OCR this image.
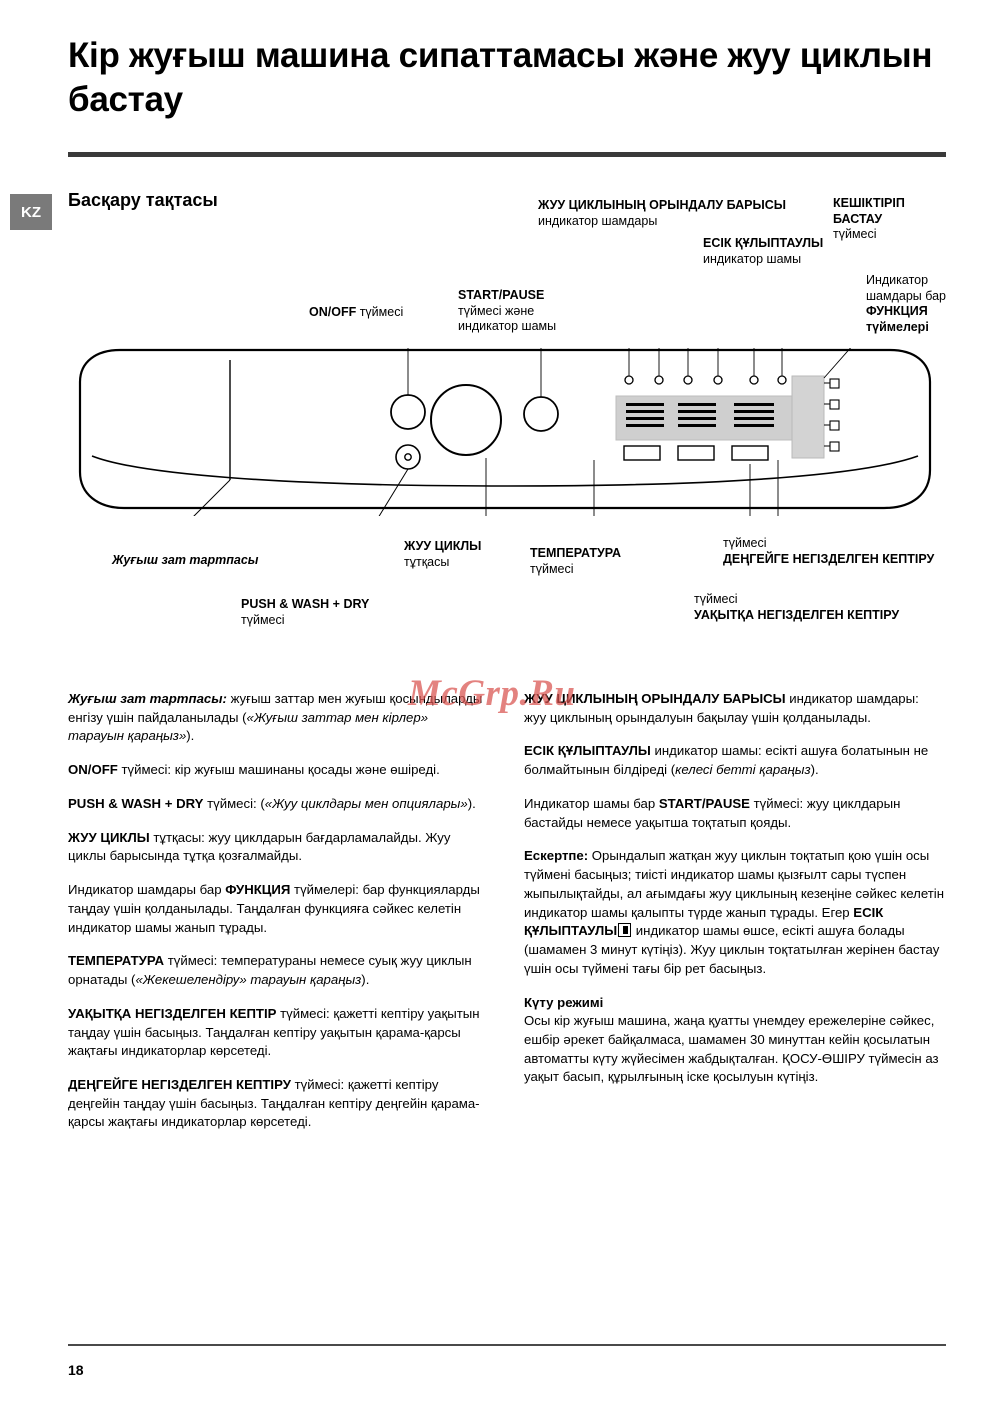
Кір жуғыш машина сипаттамасы және жуу циклын бастау
KZ
Басқару тақтасы	ЖУУ ЦИКЛЫНЫҢ ОРЫНДАЛУ БАРЫСЫ индикатор шамдары
КЕШІКТІРІП БАСТАУ
түймесі
ЕСІК ҚҰЛЫПТАУЛЫ
индикатор шамы
Индикатор шамдары бар ФУНКЦИЯ түймелері
START/PAUSE
түймесі және индикатор шамы
ON/OFF түймесі
Жуғыш зат тартпасы
ЖУУ ЦИКЛЫ
тұтқасы
ТЕМПЕРАТУРА
түймесі
түймесі
ДЕҢГЕЙГЕ НЕГІЗДЕЛГЕН КЕПТІРУ
PUSH & WASH + DRY
түймесі
түймесі
УАҚЫТҚА НЕГІЗДЕЛГЕН КЕПТІРУ

Жуғыш зат тартпасы: жуғыш заттар мен жуғыш қосындыларды енгізу үшін пайдаланылады («Жуғыш заттар мен кірлер» тарауын қараңыз»).

ON/OFF түймесі: кір жуғыш машинаны қосады және өшіреді.

PUSH & WASH + DRY түймесі: («Жуу циклдары мен опциялары»).

ЖУУ ЦИКЛЫ тұтқасы: жуу циклдарын бағдарламалайды. Жуу циклы барысында тұтқа қозғалмайды.

Индикатор шамдары бар ФУНКЦИЯ түймелері: бар функцияларды таңдау үшін қолданылады. Таңдалған функцияға сәйкес келетін индикатор шамы жанып тұрады.

ТЕМПЕРАТУРА түймесі: температураны немесе суық жуу циклын орнатады («Жекешелендіру» тарауын қараңыз).

УАҚЫТҚА НЕГІЗДЕЛГЕН КЕПТІР түймесі: қажетті кептіру уақытын таңдау үшін басыңыз. Таңдалған кептіру уақытын қарама-қарсы жақтағы индикаторлар көрсетеді.

ДЕҢГЕЙГЕ НЕГІЗДЕЛГЕН КЕПТІРУ түймесі: қажетті кептіру деңгейін таңдау үшін басыңыз. Таңдалған кептіру деңгейін қарама-қарсы жақтағы индикаторлар көрсетеді.

ЖУУ ЦИКЛЫНЫҢ ОРЫНДАЛУ БАРЫСЫ индикатор шамдары: жуу циклының орындалуын бақылау үшін қолданылады.

ЕСІК ҚҰЛЫПТАУЛЫ индикатор шамы: есікті ашуға болатынын не болмайтынын білдіреді (келесі бетті қараңыз).

Индикатор шамы бар START/PAUSE түймесі: жуу циклдарын бастайды немесе уақытша тоқтатып қояды.

Ескертпе: Орындалып жатқан жуу циклын тоқтатып қою үшін осы түймені басыңыз; тиісті индикатор шамы қызғылт сары түспен жыпылықтайды, ал ағымдағы жуу циклының кезеңіне сәйкес келетін индикатор шамы қалыпты түрде жанып тұрады. Егер ЕСІК ҚҰЛЫПТАУЛЫ индикатор шамы өшсе, есікті ашуға болады (шамамен 3 минут күтіңіз). Жуу циклын тоқтатылған жерінен бастау үшін осы түймені тағы бір рет басыңыз.

Күту режимі
Осы кір жуғыш машина, жаңа қуатты үнемдеу ережелеріне сәйкес, ешбір әрекет байқалмаса, шамамен 30 минуттан кейін қосылатын автоматты күту жүйесімен жабдықталған. ҚОСУ-ӨШІРУ түймесін аз уақыт басып, құрылғының іске қосылуын күтіңіз.

McGrp.Ru
18
